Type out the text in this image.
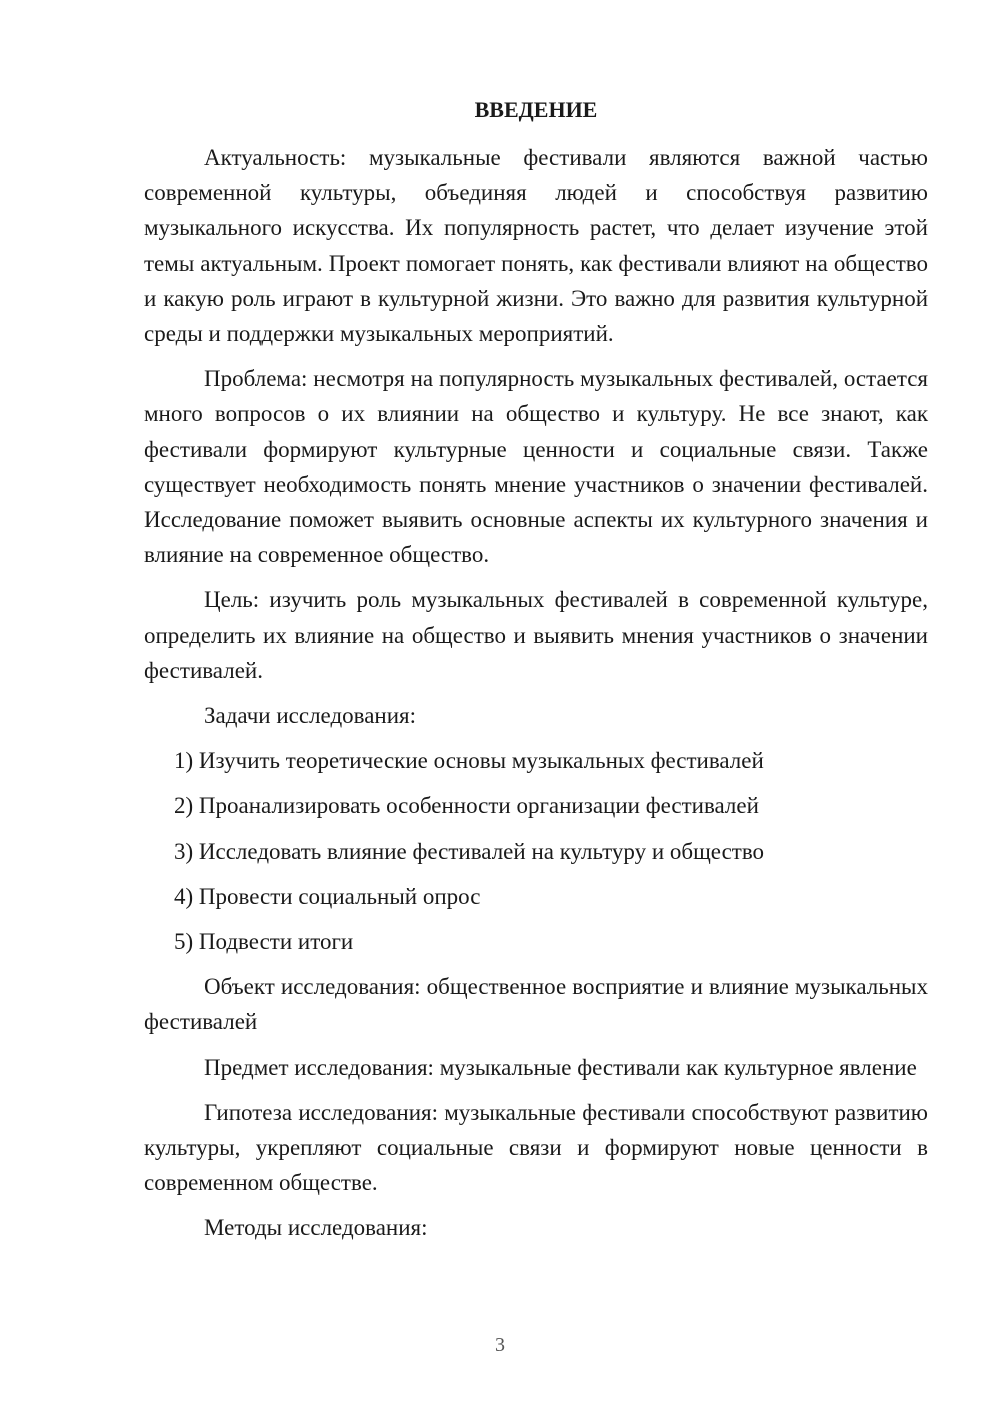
ВВЕДЕНИЕ

Актуальность: музыкальные фестивали являются важной частью современной культуры, объединяя людей и способствуя развитию музыкального искусства. Их популярность растет, что делает изучение этой темы актуальным. Проект помогает понять, как фестивали влияют на общество и какую роль играют в культурной жизни. Это важно для развития культурной среды и поддержки музыкальных мероприятий.

Проблема: несмотря на популярность музыкальных фестивалей, остается много вопросов о их влиянии на общество и культуру. Не все знают, как фестивали формируют культурные ценности и социальные связи. Также существует необходимость понять мнение участников о значении фестивалей. Исследование поможет выявить основные аспекты их культурного значения и влияние на современное общество.

Цель: изучить роль музыкальных фестивалей в современной культуре, определить их влияние на общество и выявить мнения участников о значении фестивалей.

Задачи исследования:

1) Изучить теоретические основы музыкальных фестивалей
2) Проанализировать особенности организации фестивалей
3) Исследовать влияние фестивалей на культуру и общество
4) Провести социальный опрос
5) Подвести итоги

Объект исследования: общественное восприятие и влияние музыкальных фестивалей

Предмет исследования: музыкальные фестивали как культурное явление

Гипотеза исследования: музыкальные фестивали способствуют развитию культуры, укрепляют социальные связи и формируют новые ценности в современном обществе.

Методы исследования:

3
